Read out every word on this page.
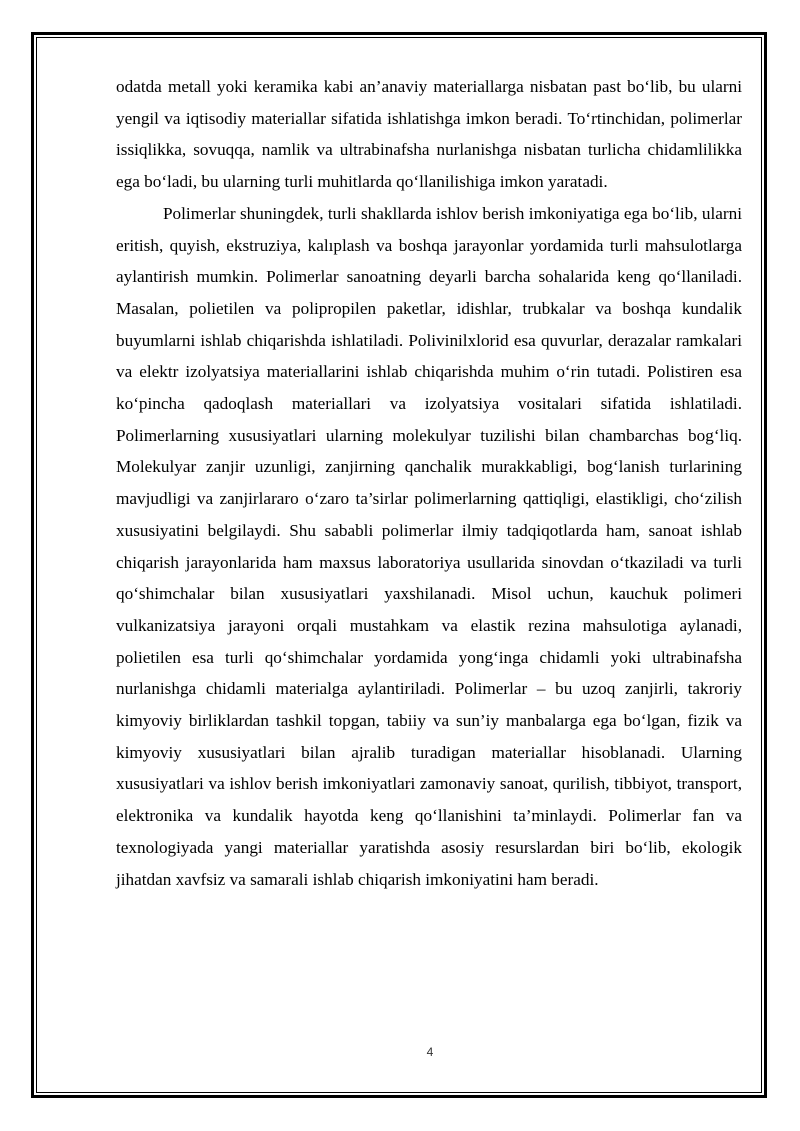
odatda metall yoki keramika kabi an’anaviy materiallarga nisbatan past bo‘lib, bu ularni yengil va iqtisodiy materiallar sifatida ishlatishga imkon beradi. To‘rtinchidan, polimerlar issiqlikka, sovuqqa, namlik va ultrabinafsha nurlanishga nisbatan turlicha chidamlilikka ega bo‘ladi, bu ularning turli muhitlarda qo‘llanilishiga imkon yaratadi.

Polimerlar shuningdek, turli shakllarda ishlov berish imkoniyatiga ega bo‘lib, ularni eritish, quyish, ekstruziya, kalıplash va boshqa jarayonlar yordamida turli mahsulotlarga aylantirish mumkin. Polimerlar sanoatning deyarli barcha sohalarida keng qo‘llaniladi. Masalan, polietilen va polipropilen paketlar, idishlar, trubkalar va boshqa kundalik buyumlarni ishlab chiqarishda ishlatiladi. Polivinilxlorid esa quvurlar, derazalar ramkalari va elektr izolyatsiya materiallarini ishlab chiqarishda muhim o‘rin tutadi. Polistiren esa ko‘pincha qadoqlash materiallari va izolyatsiya vositalari sifatida ishlatiladi. Polimerlarning xususiyatlari ularning molekulyar tuzilishi bilan chambarchas bog‘liq. Molekulyar zanjir uzunligi, zanjirning qanchalik murakkabligi, bog‘lanish turlarining mavjudligi va zanjirlararo o‘zaro ta’sirlar polimerlarning qattiqligi, elastikligi, cho‘zilish xususiyatini belgilaydi. Shu sababli polimerlar ilmiy tadqiqotlarda ham, sanoat ishlab chiqarish jarayonlarida ham maxsus laboratoriya usullarida sinovdan o‘tkaziladi va turli qo‘shimchalar bilan xususiyatlari yaxshilanadi. Misol uchun, kauchuk polimeri vulkanizatsiya jarayoni orqali mustahkam va elastik rezina mahsulotiga aylanadi, polietilen esa turli qo‘shimchalar yordamida yong‘inga chidamli yoki ultrabinafsha nurlanishga chidamli materialga aylantiriladi. Polimerlar – bu uzoq zanjirli, takroriy kimyoviy birliklardan tashkil topgan, tabiiy va sun’iy manbalarga ega bo‘lgan, fizik va kimyoviy xususiyatlari bilan ajralib turadigan materiallar hisoblanadi. Ularning xususiyatlari va ishlov berish imkoniyatlari zamonaviy sanoat, qurilish, tibbiyot, transport, elektronika va kundalik hayotda keng qo‘llanishini ta’minlaydi. Polimerlar fan va texnologiyada yangi materiallar yaratishda asosiy resurslardan biri bo‘lib, ekologik jihatdan xavfsiz va samarali ishlab chiqarish imkoniyatini ham beradi.

4
